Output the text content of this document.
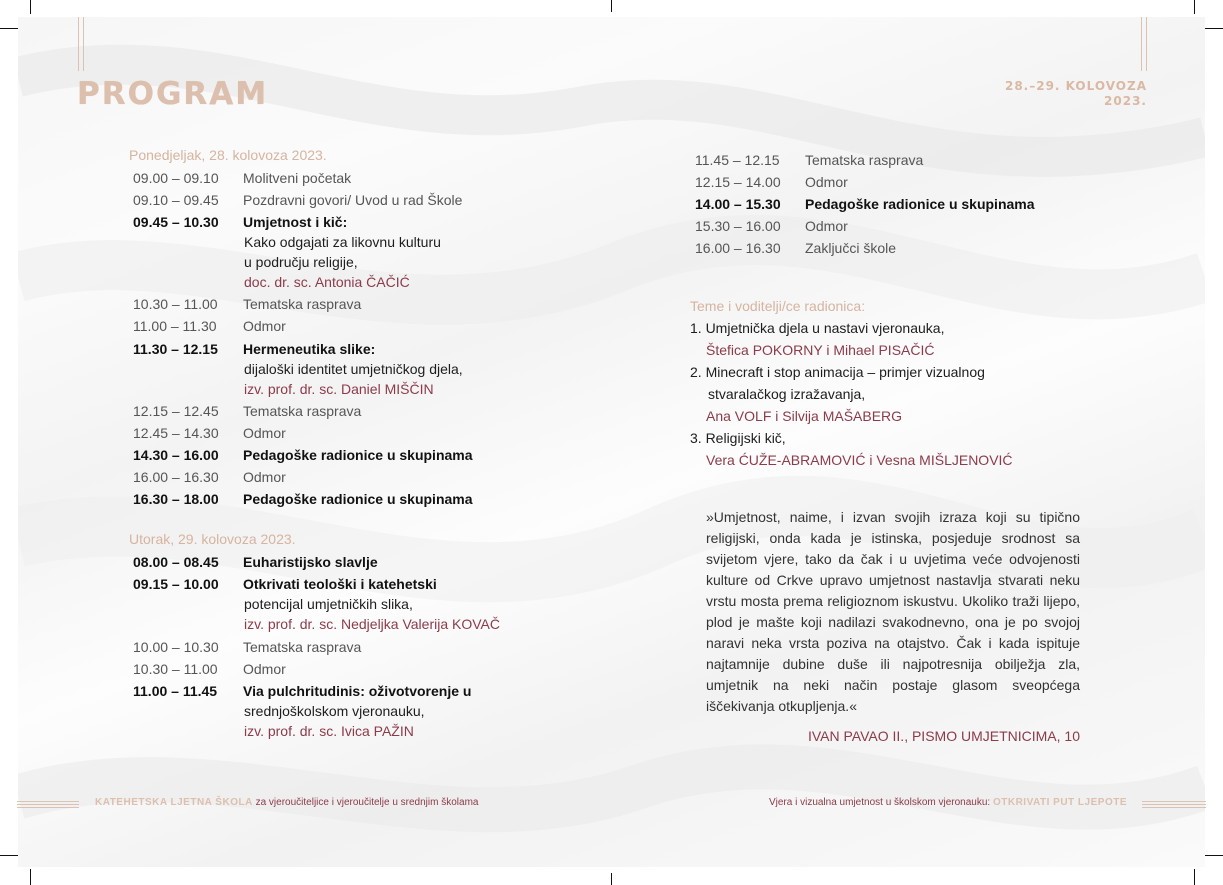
PROGRAM	28.–29. KOLOVOZA
2023.
Ponedjeljak, 28. kolovoza 2023.
09.00 – 09.10 Molitveni početak
09.10 – 09.45 Pozdravni govori/ Uvod u rad Škole
09.45 – 10.30 Umjetnost i kič:
Kako odgajati za likovnu kulturu
u području religije,
doc. dr. sc. Antonia ČAČIĆ
10.30 – 11.00 Tematska rasprava
11.00 – 11.30 Odmor
11.30 – 12.15 Hermeneutika slike:
dijaloški identitet umjetničkog djela,
izv. prof. dr. sc. Daniel MIŠČIN
12.15 – 12.45 Tematska rasprava
12.45 – 14.30 Odmor
14.30 – 16.00 Pedagoške radionice u skupinama
16.00 – 16.30 Odmor
16.30 – 18.00 Pedagoške radionice u skupinama
Utorak, 29. kolovoza 2023.
08.00 – 08.45 Euharistijsko slavlje
09.15 – 10.00 Otkrivati teološki i katehetski
potencijal umjetničkih slika,
izv. prof. dr. sc. Nedjeljka Valerija KOVAČ
10.00 – 10.30 Tematska rasprava
10.30 – 11.00 Odmor
11.00 – 11.45 Via pulchritudinis: oživotvorenje u
srednjoškolskom vjeronauku,
izv. prof. dr. sc. Ivica PAŽIN
11.45 – 12.15 Tematska rasprava
12.15 – 14.00 Odmor
14.00 – 15.30 Pedagoške radionice u skupinama
15.30 – 16.00 Odmor
16.00 – 16.30 Zaključci škole
Teme i voditelji/ce radionica:
1. Umjetnička djela u nastavi vjeronauka,
Štefica POKORNY i Mihael PISAČIĆ
2. Minecraft i stop animacija – primjer vizualnog
stvaralačkog izražavanja,
Ana VOLF i Silvija MAŠABERG
3. Religijski kič,
Vera ĆUŽE-ABRAMOVIĆ i Vesna MIŠLJENOVIĆ
»Umjetnost, naime, i izvan svojih izraza koji su tipično religijski, onda kada je istinska, posjeduje srodnost sa svijetom vjere, tako da čak i u uvjetima veće odvojenosti kulture od Crkve upravo umjetnost nastavlja stvarati neku vrstu mosta prema religioznom iskustvu. Ukoliko traži lijepo, plod je mašte koji nadilazi svakodnevno, ona je po svojoj naravi neka vrsta poziva na otajstvo. Čak i kada ispituje najtamnije dubine duše ili najpotresnija obilježja zla, umjetnik na neki način postaje glasom sveopćega iščekivanja otkupljenja.«
IVAN PAVAO II., PISMO UMJETNICIMA, 10
KATEHETSKA LJETNA ŠKOLA za vjeroučiteljice i vjeroučitelje u srednjim školama	Vjera i vizualna umjetnost u školskom vjeronauku: OTKRIVATI PUT LJEPOTE
